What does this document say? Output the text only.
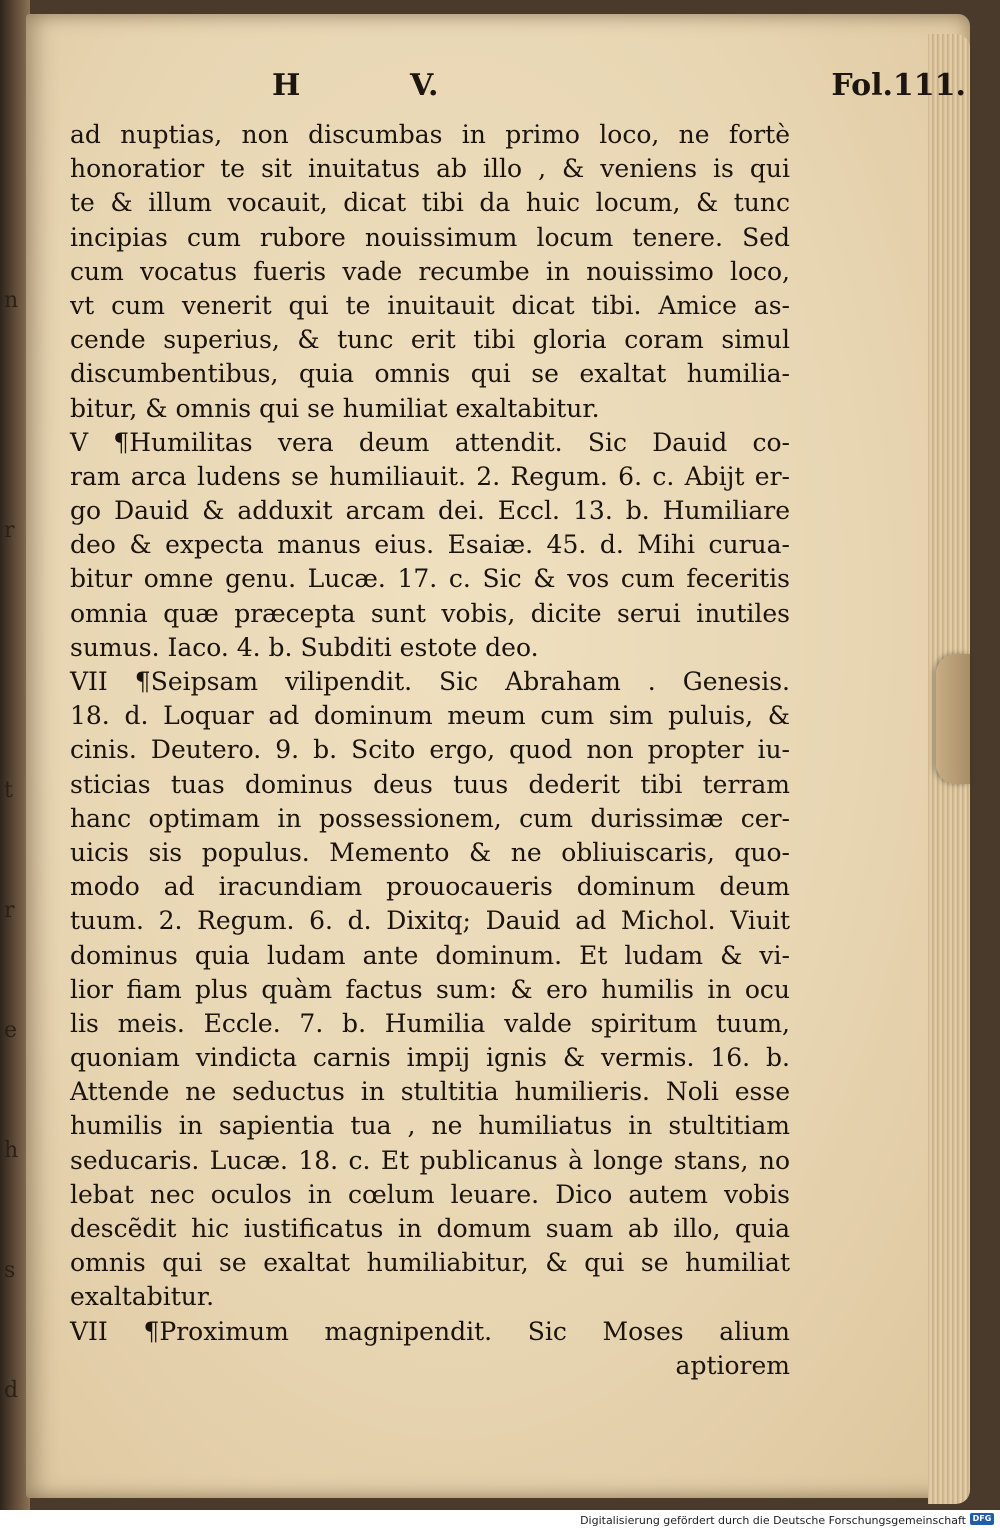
n
r
t
r
e
h
s
d
H	V.	Fol.111.
ad nuptias, non discumbas in primo loco, ne fortè
honoratior te sit inuitatus ab illo , & veniens is qui
te & illum vocauit, dicat tibi da huic locum, & tunc
incipias cum rubore nouissimum locum tenere. Sed
cum vocatus fueris vade recumbe in nouissimo loco,
vt cum venerit qui te inuitauit dicat tibi. Amice as-
cende superius, & tunc erit tibi gloria coram simul
discumbentibus, quia omnis qui se exaltat humilia-
bitur, & omnis qui se humiliat exaltabitur.
V ¶Humilitas vera deum attendit. Sic Dauid co-
ram arca ludens se humiliauit. 2. Regum. 6. c. Abijt er-
go Dauid & adduxit arcam dei. Eccl. 13. b. Humiliare
deo & expecta manus eius. Esaiæ. 45. d. Mihi curua-
bitur omne genu. Lucæ. 17. c. Sic & vos cum feceritis
omnia quæ præcepta sunt vobis, dicite serui inutiles
sumus. Iaco. 4. b. Subditi estote deo.
VII ¶Seipsam vilipendit. Sic Abraham . Genesis.
18. d. Loquar ad dominum meum cum sim puluis, &
cinis. Deutero. 9. b. Scito ergo, quod non propter iu-
sticias tuas dominus deus tuus dederit tibi terram
hanc optimam in possessionem, cum durissimæ cer-
uicis sis populus. Memento & ne obliuiscaris, quo-
modo ad iracundiam prouocaueris dominum deum
tuum. 2. Regum. 6. d. Dixitq; Dauid ad Michol. Viuit
dominus quia ludam ante dominum. Et ludam & vi-
lior fiam plus quàm factus sum: & ero humilis in ocu
lis meis. Eccle. 7. b. Humilia valde spiritum tuum,
quoniam vindicta carnis impij ignis & vermis. 16. b.
Attende ne seductus in stultitia humilieris. Noli esse
humilis in sapientia tua , ne humiliatus in stultitiam
seducaris. Lucæ. 18. c. Et publicanus à longe stans, no
lebat nec oculos in cœlum leuare. Dico autem vobis
descẽdit hic iustificatus in domum suam ab illo, quia
omnis qui se exaltat humiliabitur, & qui se humiliat
exaltabitur.
VII ¶Proximum magnipendit. Sic Moses alium
aptiorem
Digitalisierung gefördert durch die Deutsche Forschungsgemeinschaft DFG
